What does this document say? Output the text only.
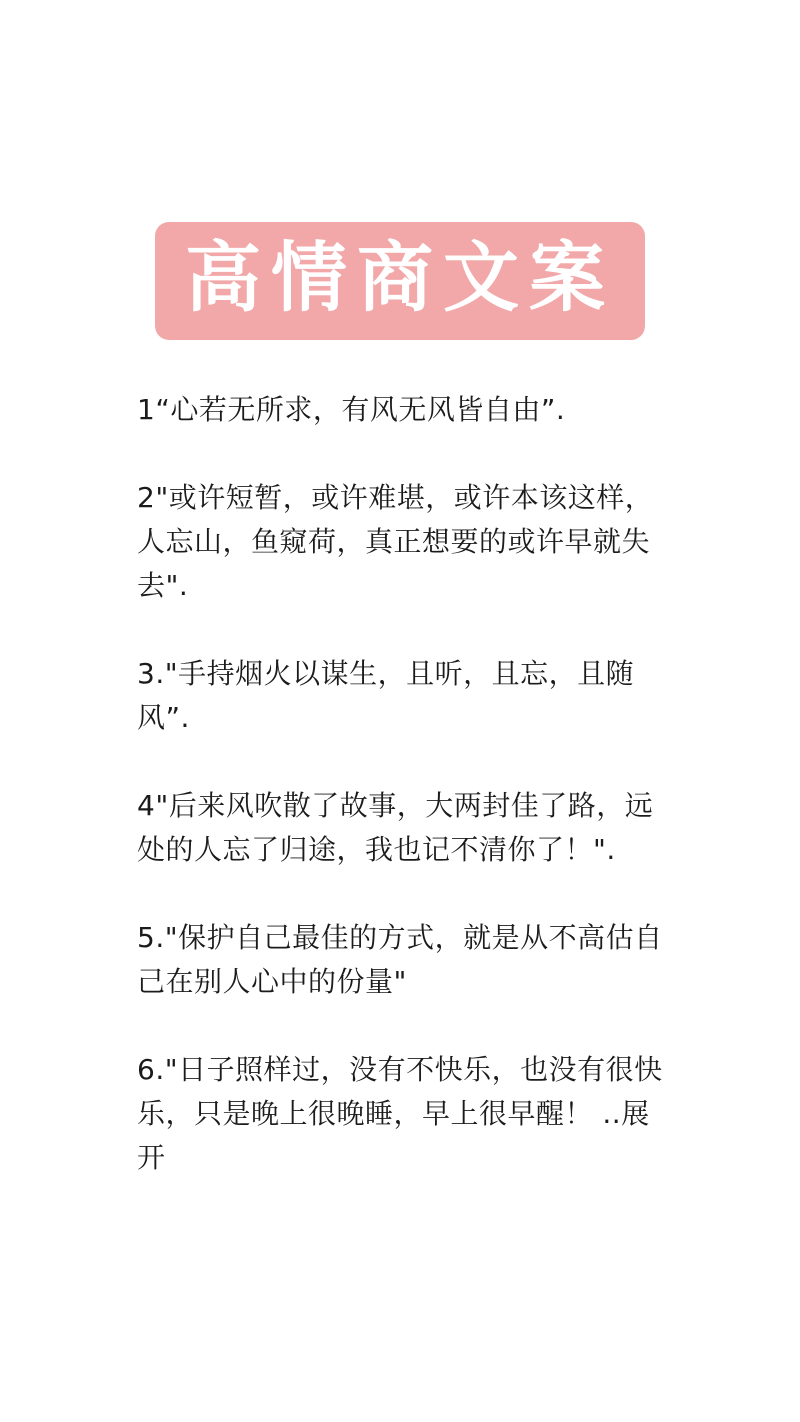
高情商文案

1“心若无所求，有风无风皆自由”.

2"或许短暂，或许难堪，或许本该这样，人忘山，鱼窥荷，真正想要的或许早就失去".

3."手持烟火以谋生，且听，且忘，且随风”.

4"后来风吹散了故事，大两封佳了路，远处的人忘了归途，我也记不清你了！".

5."保护自己最佳的方式，就是从不高估自己在别人心中的份量"

6."日子照样过，没有不快乐，也没有很快乐，只是晚上很晚睡，早上很早醒！ ..展开
